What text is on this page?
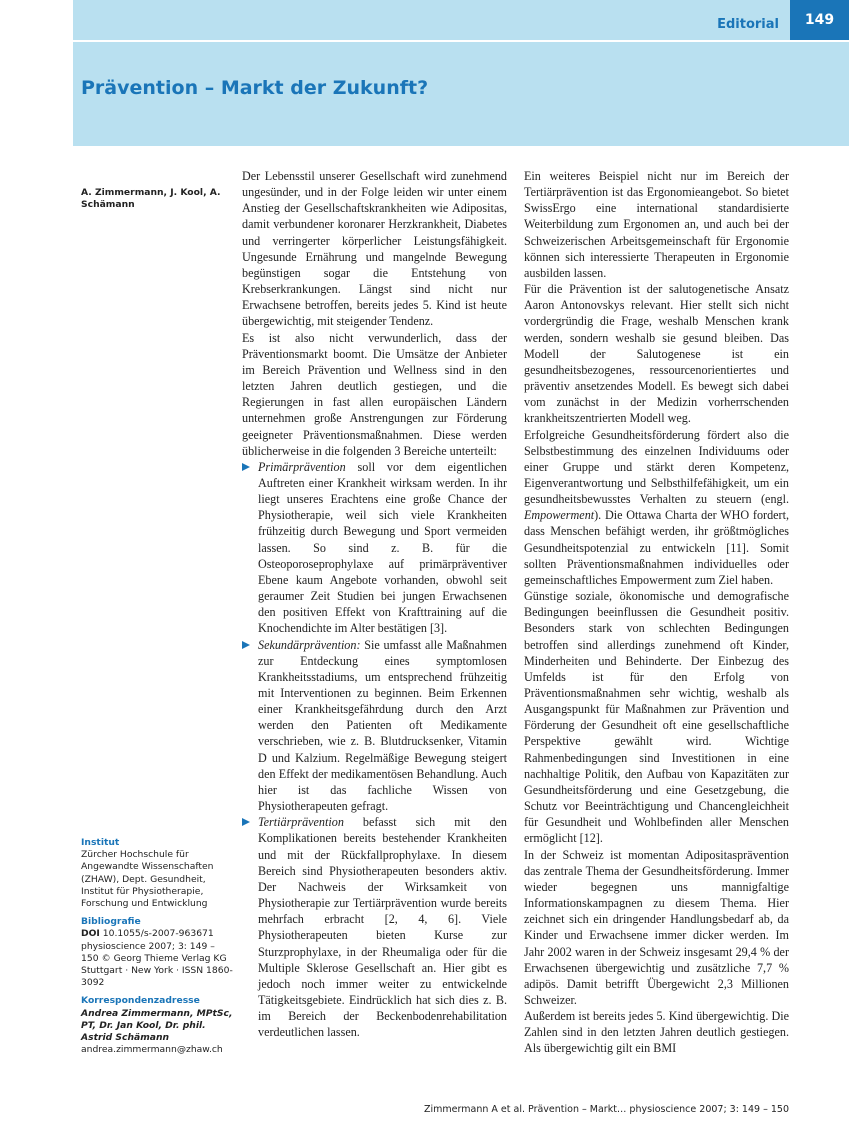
Editorial	149
Prävention – Markt der Zukunft?
A. Zimmermann, J. Kool, A. Schämann
Institut
Zürcher Hochschule für Angewandte Wissenschaften (ZHAW), Dept. Gesundheit, Institut für Physiotherapie, Forschung und Entwicklung
Bibliografie
DOI 10.1055/s-2007-963671
physioscience 2007; 3: 149 – 150 © Georg Thieme Verlag KG Stuttgart · New York · ISSN 1860-3092
Korrespondenzadresse
Andrea Zimmermann, MPtSc, PT, Dr. Jan Kool, Dr. phil. Astrid Schämann
andrea.zimmermann@zhaw.ch

Der Lebensstil unserer Gesellschaft wird zunehmend ungesünder, und in der Folge leiden wir unter einem Anstieg der Gesellschaftskrankheiten wie Adipositas, damit verbundener koronarer Herzkrankheit, Diabetes und verringerter körperlicher Leistungsfähigkeit. Ungesunde Ernährung und mangelnde Bewegung begünstigen sogar die Entstehung von Krebserkrankungen. Längst sind nicht nur Erwachsene betroffen, bereits jedes 5. Kind ist heute übergewichtig, mit steigender Tendenz.

Es ist also nicht verwunderlich, dass der Präventionsmarkt boomt. Die Umsätze der Anbieter im Bereich Prävention und Wellness sind in den letzten Jahren deutlich gestiegen, und die Regierungen in fast allen europäischen Ländern unternehmen große Anstrengungen zur Förderung geeigneter Präventionsmaßnahmen. Diese werden üblicherweise in die folgenden 3 Bereiche unterteilt:

Primärprävention soll vor dem eigentlichen Auftreten einer Krankheit wirksam werden. In ihr liegt unseres Erachtens eine große Chance der Physiotherapie, weil sich viele Krankheiten frühzeitig durch Bewegung und Sport vermeiden lassen. So sind z. B. für die Osteoporoseprophylaxe auf primärpräventiver Ebene kaum Angebote vorhanden, obwohl seit geraumer Zeit Studien bei jungen Erwachsenen den positiven Effekt von Krafttraining auf die Knochendichte im Alter bestätigen [3].

Sekundärprävention: Sie umfasst alle Maßnahmen zur Entdeckung eines symptomlosen Krankheitsstadiums, um entsprechend frühzeitig mit Interventionen zu beginnen. Beim Erkennen einer Krankheitsgefährdung durch den Arzt werden den Patienten oft Medikamente verschrieben, wie z. B. Blutdrucksenker, Vitamin D und Kalzium. Regelmäßige Bewegung steigert den Effekt der medikamentösen Behandlung. Auch hier ist das fachliche Wissen von Physiotherapeuten gefragt.

Tertiärprävention befasst sich mit den Komplikationen bereits bestehender Krankheiten und mit der Rückfallprophylaxe. In diesem Bereich sind Physiotherapeuten besonders aktiv. Der Nachweis der Wirksamkeit von Physiotherapie zur Tertiärprävention wurde bereits mehrfach erbracht [2, 4, 6]. Viele Physiotherapeuten bieten Kurse zur Sturzprophylaxe, in der Rheumaliga oder für die Multiple Sklerose Gesellschaft an. Hier gibt es jedoch noch immer weiter zu entwickelnde Tätigkeitsgebiete. Eindrücklich hat sich dies z. B. im Bereich der Beckenbodenrehabilitation verdeutlichen lassen.

Ein weiteres Beispiel nicht nur im Bereich der Tertiärprävention ist das Ergonomieangebot. So bietet SwissErgo eine international standardisierte Weiterbildung zum Ergonomen an, und auch bei der Schweizerischen Arbeitsgemeinschaft für Ergonomie können sich interessierte Therapeuten in Ergonomie ausbilden lassen.

Für die Prävention ist der salutogenetische Ansatz Aaron Antonovskys relevant. Hier stellt sich nicht vordergründig die Frage, weshalb Menschen krank werden, sondern weshalb sie gesund bleiben. Das Modell der Salutogenese ist ein gesundheitsbezogenes, ressourcenorientiertes und präventiv ansetzendes Modell. Es bewegt sich dabei vom zunächst in der Medizin vorherrschenden krankheitszentrierten Modell weg.

Erfolgreiche Gesundheitsförderung fördert also die Selbstbestimmung des einzelnen Individuums oder einer Gruppe und stärkt deren Kompetenz, Eigenverantwortung und Selbsthilfefähigkeit, um ein gesundheitsbewusstes Verhalten zu steuern (engl. Empowerment). Die Ottawa Charta der WHO fordert, dass Menschen befähigt werden, ihr größtmögliches Gesundheitspotenzial zu entwickeln [11]. Somit sollten Präventionsmaßnahmen individuelles oder gemeinschaftliches Empowerment zum Ziel haben.

Günstige soziale, ökonomische und demografische Bedingungen beeinflussen die Gesundheit positiv. Besonders stark von schlechten Bedingungen betroffen sind allerdings zunehmend oft Kinder, Minderheiten und Behinderte. Der Einbezug des Umfelds ist für den Erfolg von Präventionsmaßnahmen sehr wichtig, weshalb als Ausgangspunkt für Maßnahmen zur Prävention und Förderung der Gesundheit oft eine gesellschaftliche Perspektive gewählt wird. Wichtige Rahmenbedingungen sind Investitionen in eine nachhaltige Politik, den Aufbau von Kapazitäten zur Gesundheitsförderung und eine Gesetzgebung, die Schutz vor Beeinträchtigung und Chancengleichheit für Gesundheit und Wohlbefinden aller Menschen ermöglicht [12].

In der Schweiz ist momentan Adipositasprävention das zentrale Thema der Gesundheitsförderung. Immer wieder begegnen uns mannigfaltige Informationskampagnen zu diesem Thema. Hier zeichnet sich ein dringender Handlungsbedarf ab, da Kinder und Erwachsene immer dicker werden. Im Jahr 2002 waren in der Schweiz insgesamt 29,4 % der Erwachsenen übergewichtig und zusätzliche 7,7 % adipös. Damit betrifft Übergewicht 2,3 Millionen Schweizer.

Außerdem ist bereits jedes 5. Kind übergewichtig. Die Zahlen sind in den letzten Jahren deutlich gestiegen. Als übergewichtig gilt ein BMI

Zimmermann A et al. Prävention – Markt… physioscience 2007; 3: 149 – 150
